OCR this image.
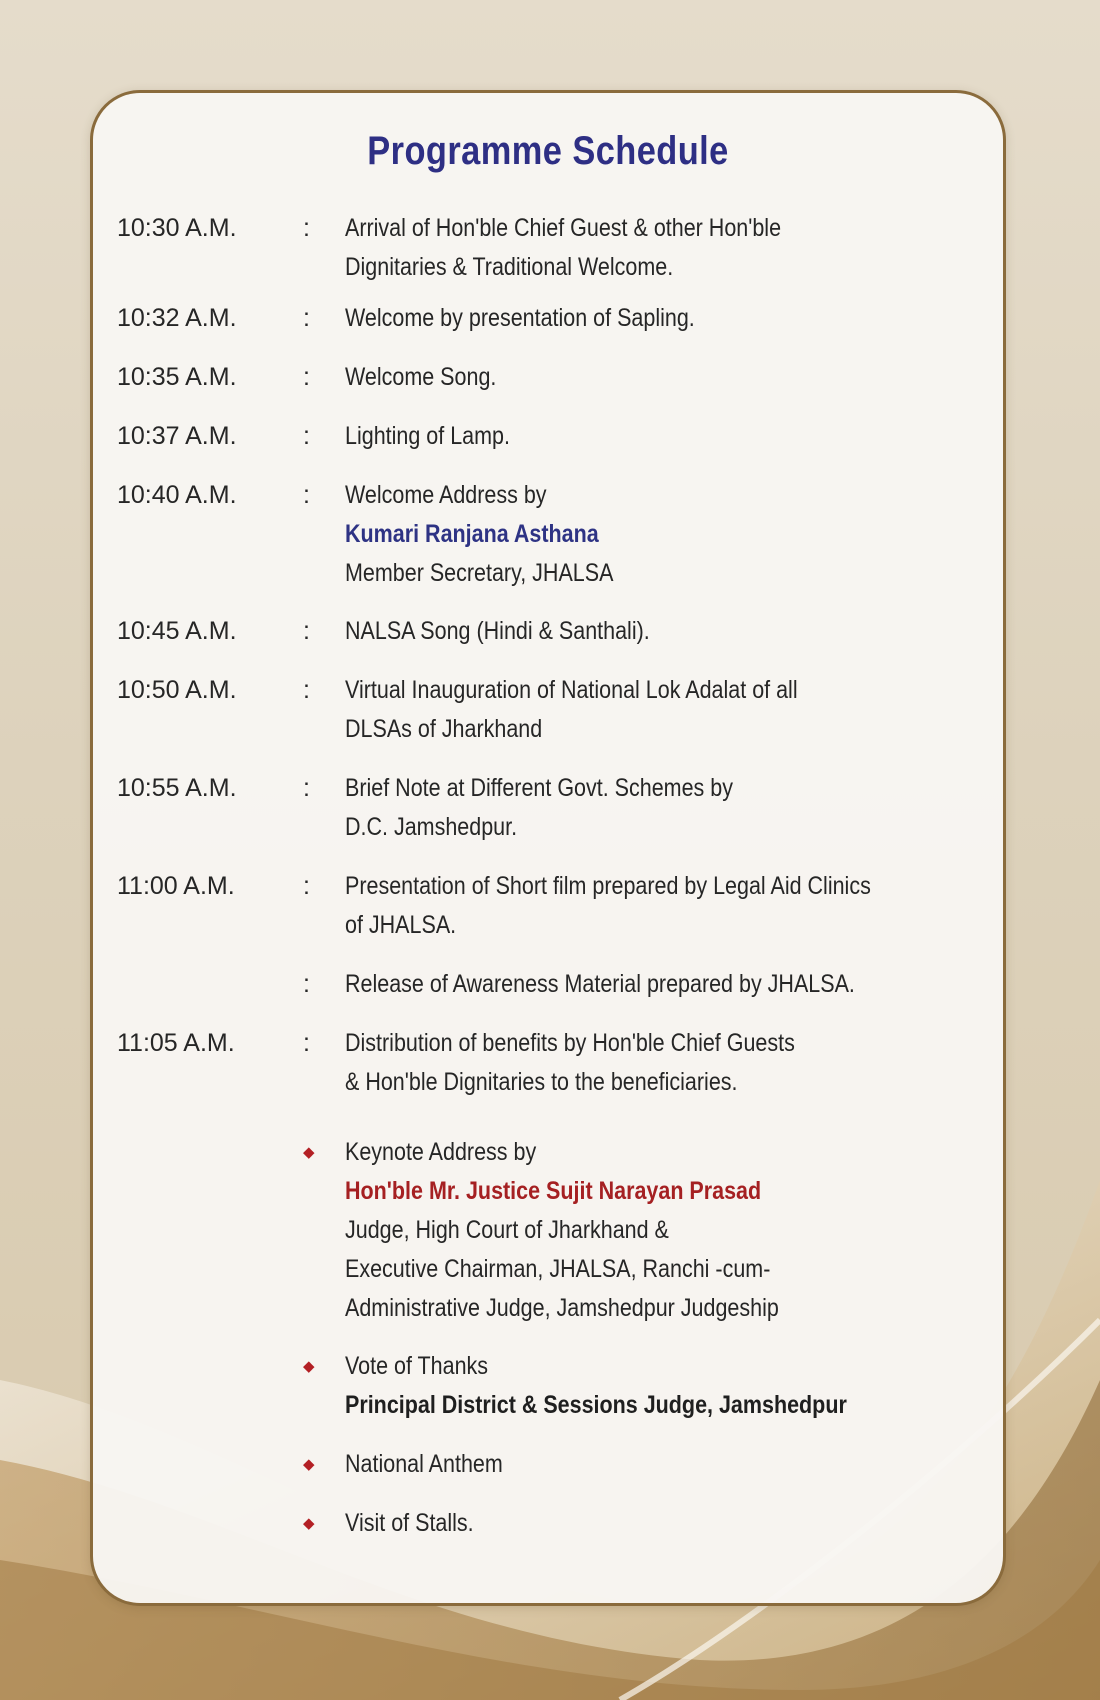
Programme Schedule
10:30 A.M.	: Arrival of Hon'ble Chief Guest & other Hon'ble
Dignitaries & Traditional Welcome.
10:32 A.M.	: Welcome by presentation of Sapling.
10:35 A.M.	: Welcome Song.
10:37 A.M.	: Lighting of Lamp.
10:40 A.M.	: Welcome Address by
Kumari Ranjana Asthana
Member Secretary, JHALSA
10:45 A.M.	: NALSA Song (Hindi & Santhali).
10:50 A.M.	: Virtual Inauguration of National Lok Adalat of all
DLSAs of Jharkhand
10:55 A.M.	: Brief Note at Different Govt. Schemes by
D.C. Jamshedpur.
11:00 A.M.	: Presentation of Short film prepared by Legal Aid Clinics
of JHALSA.
: Release of Awareness Material prepared by JHALSA.
11:05 A.M.	: Distribution of benefits by Hon'ble Chief Guests
& Hon'ble Dignitaries to the beneficiaries.
◆ Keynote Address by
Hon'ble Mr. Justice Sujit Narayan Prasad
Judge, High Court of Jharkhand &
Executive Chairman, JHALSA, Ranchi -cum-
Administrative Judge, Jamshedpur Judgeship
◆ Vote of Thanks
Principal District & Sessions Judge, Jamshedpur
◆ National Anthem
◆ Visit of Stalls.
